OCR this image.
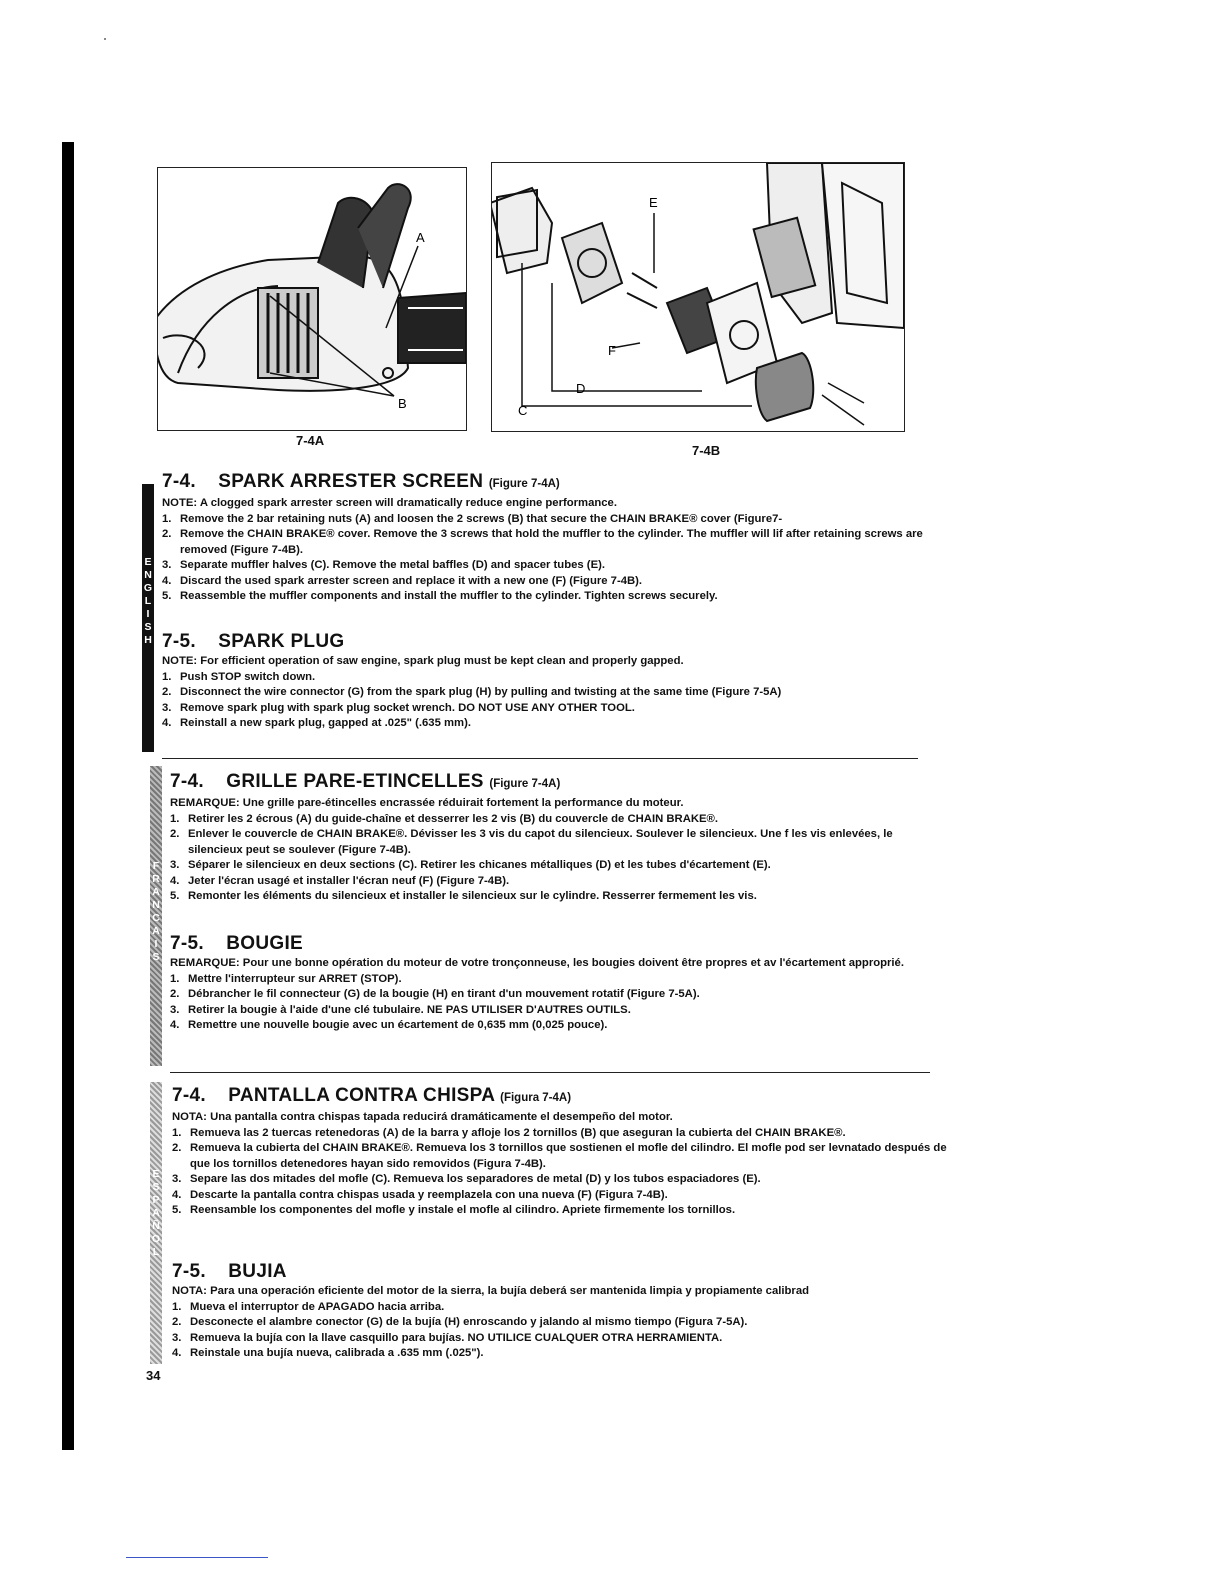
A
B
7-4A
E
F
D
C
7-4B
E
N
G
L
I
S
H
F
R
A
N
C
A
I
S
E
S
P
A
Ñ
O
L

7-4. SPARK ARRESTER SCREEN (Figure 7-4A)

NOTE: A clogged spark arrester screen will dramatically reduce engine performance.

1. Remove the 2 bar retaining nuts (A) and loosen the 2 screws (B) that secure the CHAIN BRAKE® cover (Figure7-
2. Remove the CHAIN BRAKE® cover. Remove the 3 screws that hold the muffler to the cylinder. The muffler will lif after retaining screws are removed (Figure 7-4B).
3. Separate muffler halves (C). Remove the metal baffles (D) and spacer tubes (E).
4. Discard the used spark arrester screen and replace it with a new one (F) (Figure 7-4B).
5. Reassemble the muffler components and install the muffler to the cylinder. Tighten screws securely.

7-5. SPARK PLUG

NOTE: For efficient operation of saw engine, spark plug must be kept clean and properly gapped.

1. Push STOP switch down.
2. Disconnect the wire connector (G) from the spark plug (H) by pulling and twisting at the same time (Figure 7-5A)
3. Remove spark plug with spark plug socket wrench. DO NOT USE ANY OTHER TOOL.
4. Reinstall a new spark plug, gapped at .025" (.635 mm).

7-4. GRILLE PARE-ETINCELLES (Figure 7-4A)

REMARQUE: Une grille pare-étincelles encrassée réduirait fortement la performance du moteur.

1. Retirer les 2 écrous (A) du guide-chaîne et desserrer les 2 vis (B) du couvercle de CHAIN BRAKE®.
2. Enlever le couvercle de CHAIN BRAKE®. Dévisser les 3 vis du capot du silencieux. Soulever le silencieux. Une f les vis enlevées, le silencieux peut se soulever (Figure 7-4B).
3. Séparer le silencieux en deux sections (C). Retirer les chicanes métalliques (D) et les tubes d'écartement (E).
4. Jeter l'écran usagé et installer l'écran neuf (F) (Figure 7-4B).
5. Remonter les éléments du silencieux et installer le silencieux sur le cylindre. Resserrer fermement les vis.

7-5. BOUGIE

REMARQUE: Pour une bonne opération du moteur de votre tronçonneuse, les bougies doivent être propres et av l'écartement approprié.

1. Mettre l'interrupteur sur ARRET (STOP).
2. Débrancher le fil connecteur (G) de la bougie (H) en tirant d'un mouvement rotatif (Figure 7-5A).
3. Retirer la bougie à l'aide d'une clé tubulaire. NE PAS UTILISER D'AUTRES OUTILS.
4. Remettre une nouvelle bougie avec un écartement de 0,635 mm (0,025 pouce).

7-4. PANTALLA CONTRA CHISPA (Figura 7-4A)

NOTA: Una pantalla contra chispas tapada reducirá dramáticamente el desempeño del motor.

1. Remueva las 2 tuercas retenedoras (A) de la barra y afloje los 2 tornillos (B) que aseguran la cubierta del CHAIN BRAKE®.
2. Remueva la cubierta del CHAIN BRAKE®. Remueva los 3 tornillos que sostienen el mofle del cilindro. El mofle pod ser levnatado después de que los tornillos detenedores hayan sido removidos (Figura 7-4B).
3. Separe las dos mitades del mofle (C). Remueva los separadores de metal (D) y los tubos espaciadores (E).
4. Descarte la pantalla contra chispas usada y reemplazela con una nueva (F) (Figura 7-4B).
5. Reensamble los componentes del mofle y instale el mofle al cilindro. Apriete firmemente los tornillos.

7-5. BUJIA

NOTA: Para una operación eficiente del motor de la sierra, la bujía deberá ser mantenida limpia y propiamente calibrad

1. Mueva el interruptor de APAGADO hacia arriba.
2. Desconecte el alambre conector (G) de la bujía (H) enroscando y jalando al mismo tiempo (Figura 7-5A).
3. Remueva la bujía con la llave casquillo para bujías. NO UTILICE CUALQUER OTRA HERRAMIENTA.
4. Reinstale una bujía nueva, calibrada a .635 mm (.025").
34
